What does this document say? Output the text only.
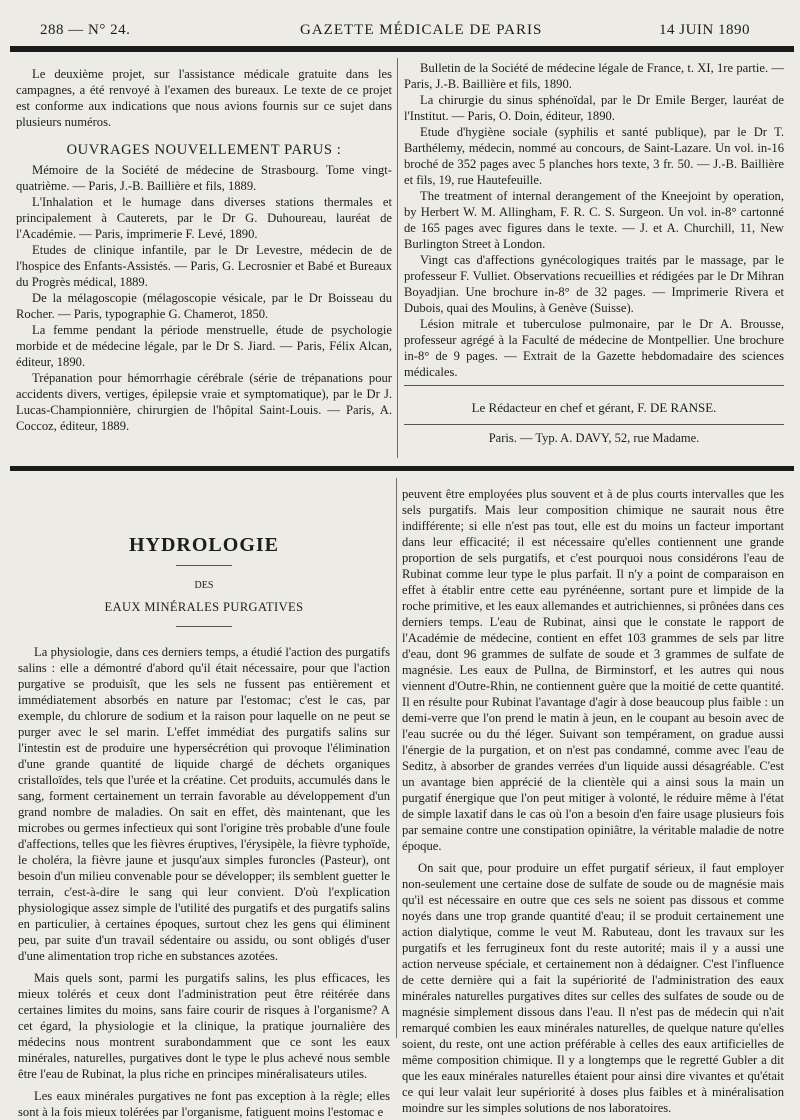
288 — N° 24.	GAZETTE MÉDICALE DE PARIS	14 JUIN 1890

Le deuxième projet, sur l'assistance médicale gratuite dans les campagnes, a été renvoyé à l'examen des bureaux. Le texte de ce projet est conforme aux indications que nous avions fournis sur ce sujet dans plusieurs numéros.

OUVRAGES NOUVELLEMENT PARUS :

Mémoire de la Société de médecine de Strasbourg. Tome vingt-quatrième. — Paris, J.-B. Baillière et fils, 1889.

L'Inhalation et le humage dans diverses stations thermales et principalement à Cauterets, par le Dr G. Duhoureau, lauréat de l'Académie. — Paris, imprimerie F. Levé, 1890.

Etudes de clinique infantile, par le Dr Levestre, médecin de de l'hospice des Enfants-Assistés. — Paris, G. Lecrosnier et Babé et Bureaux du Progrès médical, 1889.

De la mélagoscopie (mélagoscopie vésicale, par le Dr Boisseau du Rocher. — Paris, typographie G. Chamerot, 1850.

La femme pendant la période menstruelle, étude de psychologie morbide et de médecine légale, par le Dr S. Jiard. — Paris, Félix Alcan, éditeur, 1890.

Trépanation pour hémorrhagie cérébrale (série de trépanations pour accidents divers, vertiges, épilepsie vraie et symptomatique), par le Dr J. Lucas-Championnière, chirurgien de l'hôpital Saint-Louis. — Paris, A. Coccoz, éditeur, 1889.

Bulletin de la Société de médecine légale de France, t. XI, 1re partie. — Paris, J.-B. Baillière et fils, 1890.

La chirurgie du sinus sphénoïdal, par le Dr Emile Berger, lauréat de l'Institut. — Paris, O. Doin, éditeur, 1890.

Etude d'hygiène sociale (syphilis et santé publique), par le Dr T. Barthélemy, médecin, nommé au concours, de Saint-Lazare. Un vol. in-16 broché de 352 pages avec 5 planches hors texte, 3 fr. 50. — J.-B. Baillière et fils, 19, rue Hautefeuille.

The treatment of internal derangement of the Kneejoint by operation, by Herbert W. M. Allingham, F. R. C. S. Surgeon. Un vol. in-8° cartonné de 165 pages avec figures dans le texte. — J. et A. Churchill, 11, New Burlington Street à London.

Vingt cas d'affections gynécologiques traités par le massage, par le professeur F. Vulliet. Observations recueillies et rédigées par le Dr Mihran Boyadjian. Une brochure in-8° de 32 pages. — Imprimerie Rivera et Dubois, quai des Moulins, à Genève (Suisse).

Lésion mitrale et tuberculose pulmonaire, par le Dr A. Brousse, professeur agrégé à la Faculté de médecine de Montpellier. Une brochure in-8° de 9 pages. — Extrait de la Gazette hebdomadaire des sciences médicales.

Le Rédacteur en chef et gérant, F. DE RANSE.
Paris. — Typ. A. DAVY, 52, rue Madame.
HYDROLOGIE
DES
EAUX MINÉRALES PURGATIVES

La physiologie, dans ces derniers temps, a étudié l'action des purgatifs salins : elle a démontré d'abord qu'il était nécessaire, pour que l'action purgative se produisît, que les sels ne fussent pas entièrement et immédiatement absorbés en nature par l'estomac; c'est le cas, par exemple, du chlorure de sodium et la raison pour laquelle on ne peut se purger avec le sel marin. L'effet immédiat des purgatifs salins sur l'intestin est de produire une hypersécrétion qui provoque l'élimination d'une grande quantité de liquide chargé de déchets organiques cristalloïdes, tels que l'urée et la créatine. Cet produits, accumulés dans le sang, forment certainement un terrain favorable au développement d'un grand nombre de maladies. On sait en effet, dès maintenant, que les microbes ou germes infectieux qui sont l'origine très probable d'une foule d'affections, telles que les fièvres éruptives, l'érysipèle, la fièvre typhoïde, le choléra, la fièvre jaune et jusqu'aux simples furoncles (Pasteur), ont besoin d'un milieu convenable pour se développer; ils semblent guetter le terrain, c'est-à-dire le sang qui leur convient. D'où l'explication physiologique assez simple de l'utilité des purgatifs et des purgatifs salins en particulier, à certaines époques, surtout chez les gens qui éliminent peu, par suite d'un travail sédentaire ou assidu, ou sont obligés d'user d'une alimentation trop riche en substances azotées.

Mais quels sont, parmi les purgatifs salins, les plus efficaces, les mieux tolérés et ceux dont l'administration peut être réitérée dans certaines limites du moins, sans faire courir de risques à l'organisme? A cet égard, la physiologie et la clinique, la pratique journalière des médecins nous montrent surabondamment que ce sont les eaux minérales, naturelles, purgatives dont le type le plus achevé nous semble être l'eau de Rubinat, la plus riche en principes minéralisateurs utiles.

Les eaux minérales purgatives ne font pas exception à la règle; elles sont à la fois mieux tolérées par l'organisme, fatiguent moins l'estomac e

peuvent être employées plus souvent et à de plus courts intervalles que les sels purgatifs. Mais leur composition chimique ne saurait nous être indifférente; si elle n'est pas tout, elle est du moins un facteur important dans leur efficacité; il est nécessaire qu'elles contiennent une grande proportion de sels purgatifs, et c'est pourquoi nous considérons l'eau de Rubinat comme leur type le plus parfait. Il n'y a point de comparaison en effet à établir entre cette eau pyrénéenne, sortant pure et limpide de la roche primitive, et les eaux allemandes et autrichiennes, si prônées dans ces derniers temps. L'eau de Rubinat, ainsi que le constate le rapport de l'Académie de médecine, contient en effet 103 grammes de sels par litre d'eau, dont 96 grammes de sulfate de soude et 3 grammes de sulfate de magnésie. Les eaux de Pullna, de Birminstorf, et les autres qui nous viennent d'Outre-Rhin, ne contiennent guère que la moitié de cette quantité. Il en résulte pour Rubinat l'avantage d'agir à dose beaucoup plus faible : un demi-verre que l'on prend le matin à jeun, en le coupant au besoin avec de l'eau sucrée ou du thé léger. Suivant son tempérament, on gradue aussi l'énergie de la purgation, et on n'est pas condamné, comme avec l'eau de Seditz, à absorber de grandes verrées d'un liquide aussi désagréable. C'est un avantage bien apprécié de la clientèle qui a ainsi sous la main un purgatif énergique que l'on peut mitiger à volonté, le réduire même à l'état de simple laxatif dans le cas où l'on a besoin d'en faire usage plusieurs fois par semaine contre une constipation opiniâtre, la véritable maladie de notre époque.

On sait que, pour produire un effet purgatif sérieux, il faut employer non-seulement une certaine dose de sulfate de soude ou de magnésie mais qu'il est nécessaire en outre que ces sels ne soient pas dissous et comme noyés dans une trop grande quantité d'eau; il se produit certainement une action dialytique, comme le veut M. Rabuteau, dont les travaux sur les purgatifs et les ferrugineux font du reste autorité; mais il y a aussi une action nerveuse spéciale, et certainement non à dédaigner. C'est l'influence de cette dernière qui a fait la supériorité de l'administration des eaux minérales naturelles purgatives dites sur celles des sulfates de soude ou de magnésie simplement dissous dans l'eau. Il n'est pas de médecin qui n'ait remarqué combien les eaux minérales naturelles, de quelque nature qu'elles soient, du reste, ont une action préférable à celles des eaux artificielles de même composition chimique. Il y a longtemps que le regretté Gubler a dit que les eaux minérales naturelles étaient pour ainsi dire vivantes et qu'était ce qui leur valait leur supériorité à doses plus faibles et à minéralisation moindre sur les simples solutions de nos laboratoires.
